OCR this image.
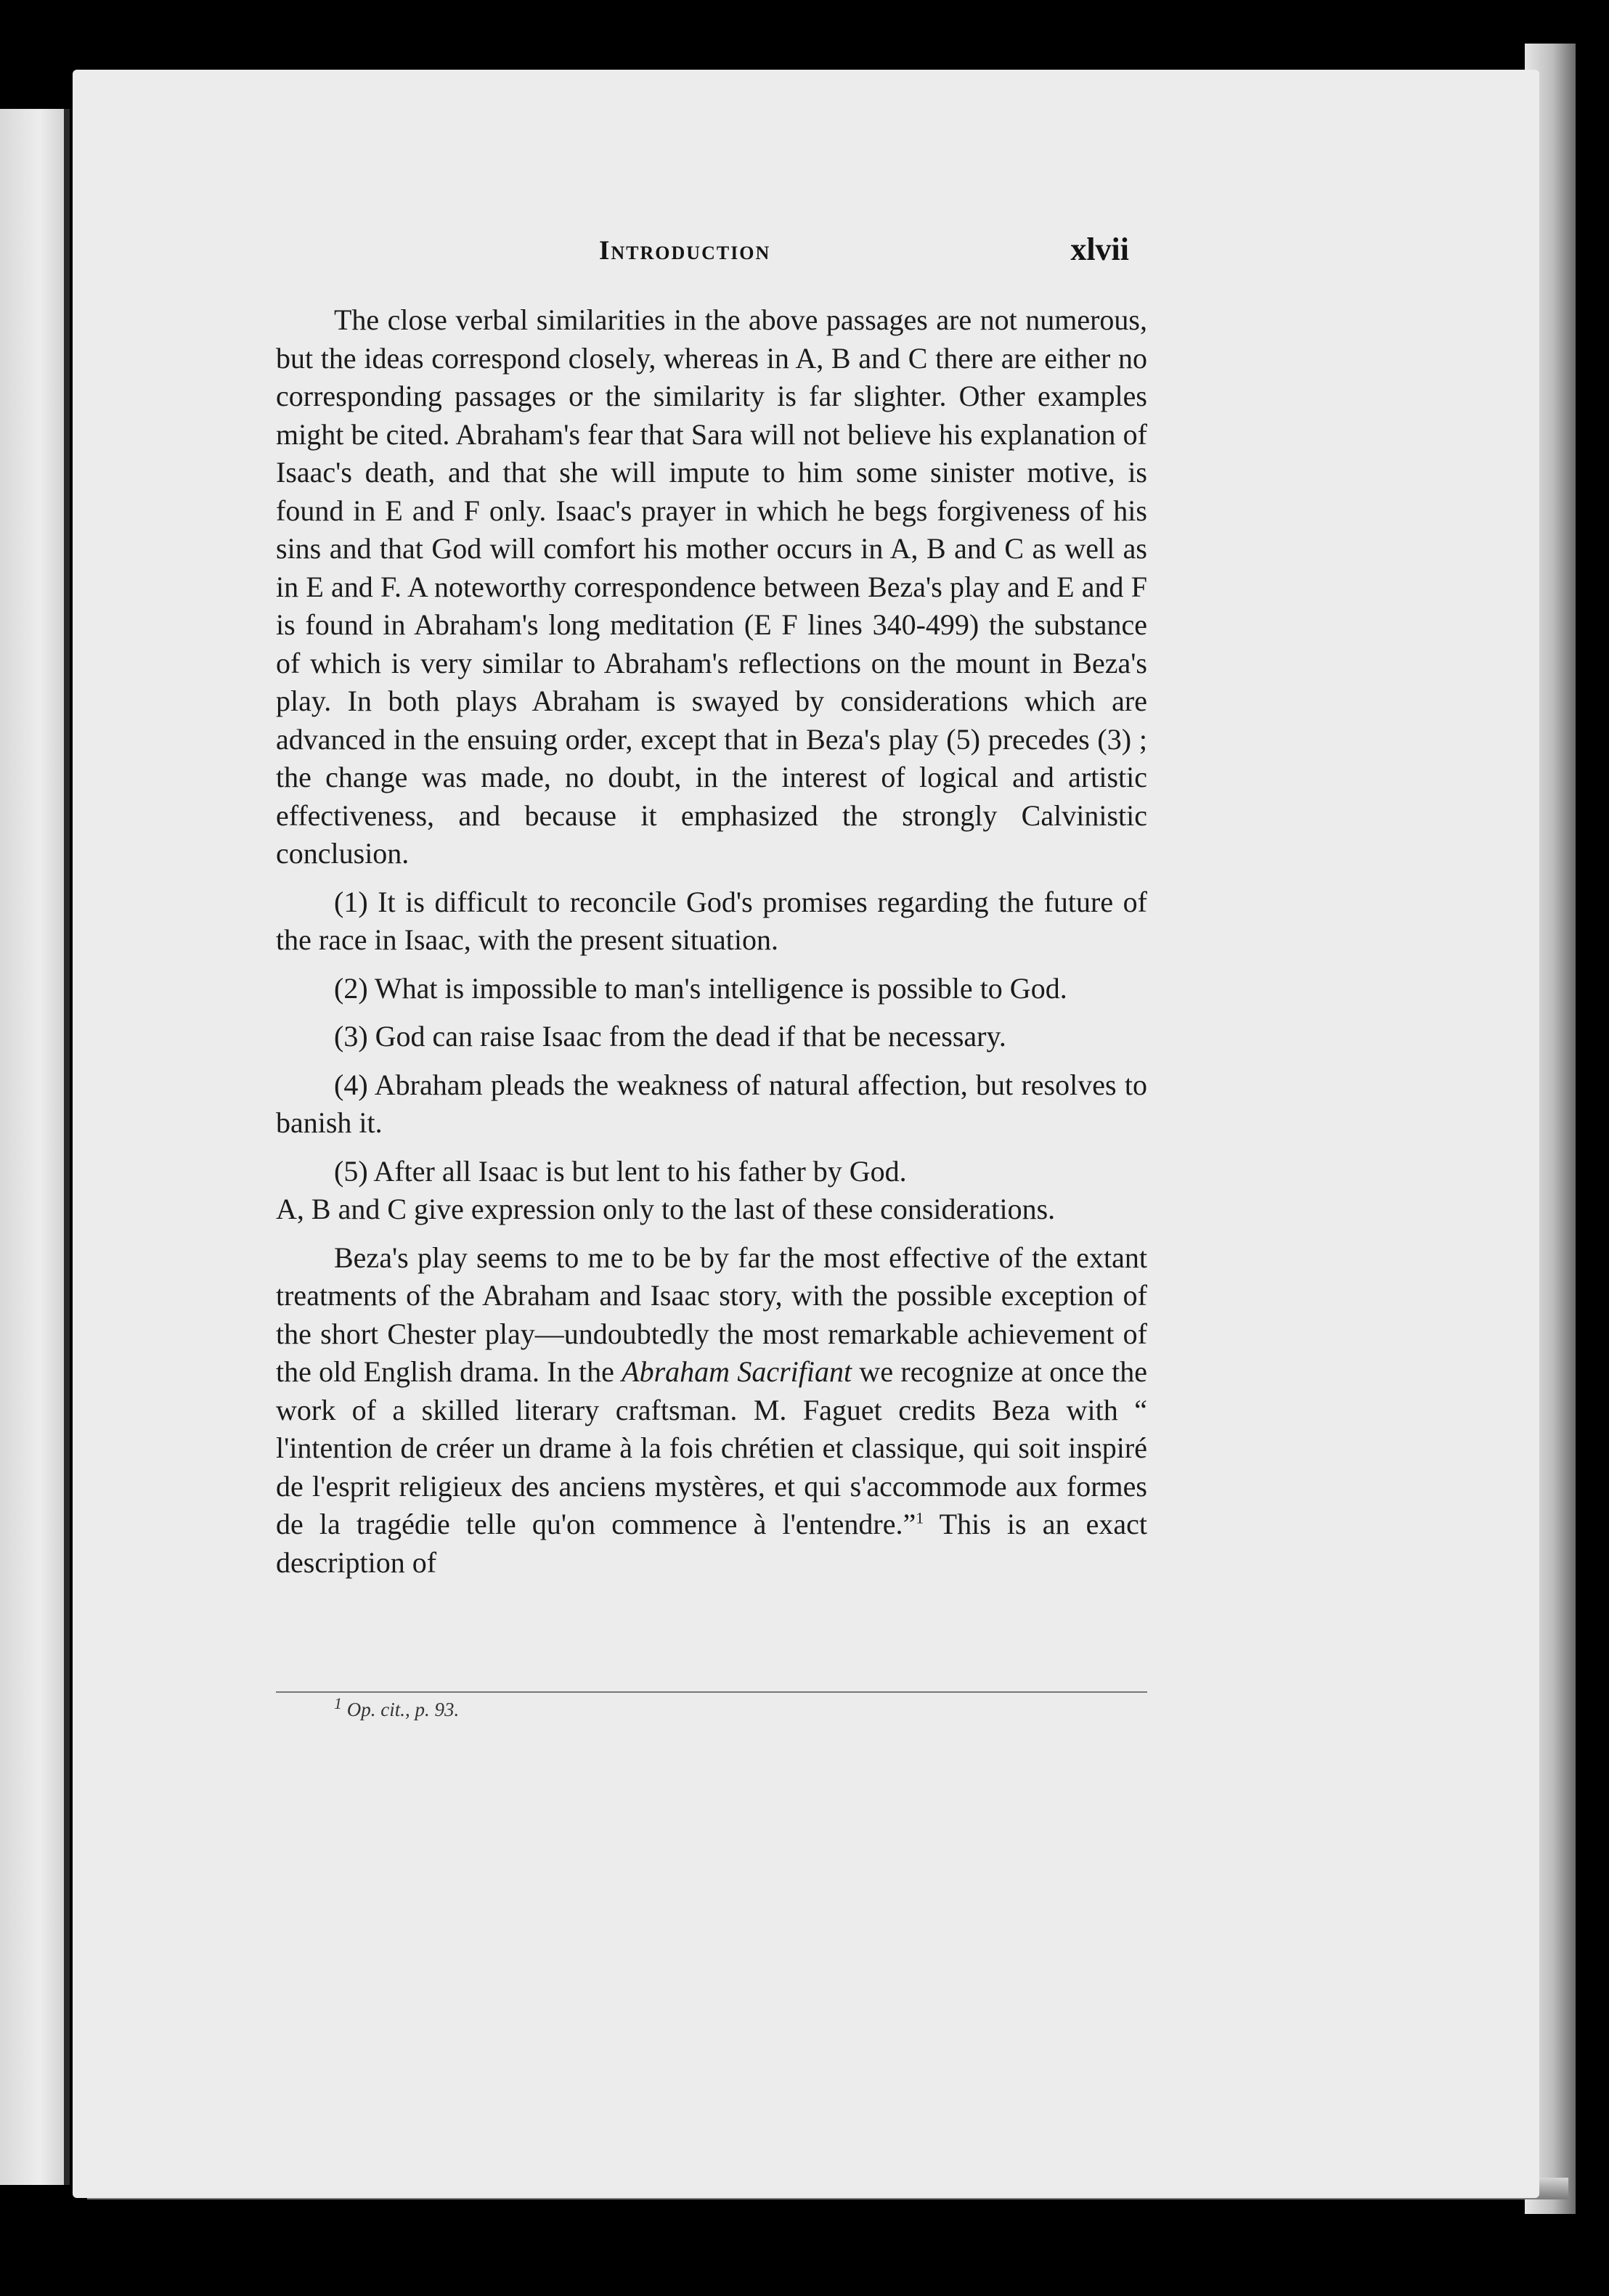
Introduction	xlvii

The close verbal similarities in the above passages are not numerous, but the ideas correspond closely, whereas in A, B and C there are either no corresponding passages or the similarity is far slighter. Other examples might be cited. Abraham's fear that Sara will not believe his explanation of Isaac's death, and that she will impute to him some sinister motive, is found in E and F only. Isaac's prayer in which he begs forgiveness of his sins and that God will comfort his mother occurs in A, B and C as well as in E and F. A noteworthy correspondence between Beza's play and E and F is found in Abraham's long meditation (E F lines 340-499) the substance of which is very similar to Abraham's reflections on the mount in Beza's play. In both plays Abraham is swayed by considerations which are advanced in the ensuing order, except that in Beza's play (5) precedes (3) ; the change was made, no doubt, in the interest of logical and artistic effectiveness, and because it emphasized the strongly Calvinistic conclusion.

(1) It is difficult to reconcile God's promises regarding the future of the race in Isaac, with the present situation.

(2) What is impossible to man's intelligence is possible to God.

(3) God can raise Isaac from the dead if that be necessary.

(4) Abraham pleads the weakness of natural affection, but resolves to banish it.

(5) After all Isaac is but lent to his father by God.

A, B and C give expression only to the last of these considerations.

Beza's play seems to me to be by far the most effective of the extant treatments of the Abraham and Isaac story, with the possible exception of the short Chester play—undoubtedly the most remarkable achievement of the old English drama. In the Abraham Sacrifiant we recognize at once the work of a skilled literary craftsman. M. Faguet credits Beza with “ l'intention de créer un drame à la fois chrétien et classique, qui soit inspiré de l'esprit religieux des anciens mystères, et qui s'accommode aux formes de la tragédie telle qu'on commence à l'entendre.”$^1$ This is an exact description of

$^1$ Op. cit., p. 93.
